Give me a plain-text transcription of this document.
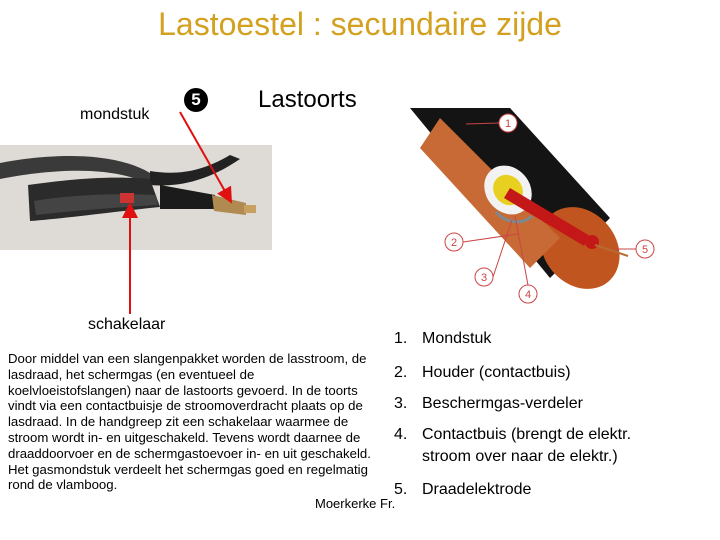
Lastoestel : secundaire zijde
mondstuk
5	Lastoorts
1
2
3
4
5
schakelaar

Door middel van een slangenpakket worden de lasstroom, de lasdraad, het schermgas (en eventueel de koelvloeistofslangen) naar de lastoorts gevoerd. In de toorts vindt via een contactbuisje de stroomoverdracht plaats op de lasdraad. In de handgreep zit een schakelaar waarmee de stroom wordt in- en uitgeschakeld. Tevens wordt daarnee de draaddoorvoer en de schermgastoevoer in- en uit geschakeld. Het gasmondstuk verdeelt het schermgas goed en regelmatig rond de vlamboog.

1. Mondstuk
2. Houder (contactbuis)
3. Beschermgas-verdeler
4. Contactbuis (brengt de elektr. stroom over naar de elektr.)
5. Draadelektrode
Moerkerke Fr.
